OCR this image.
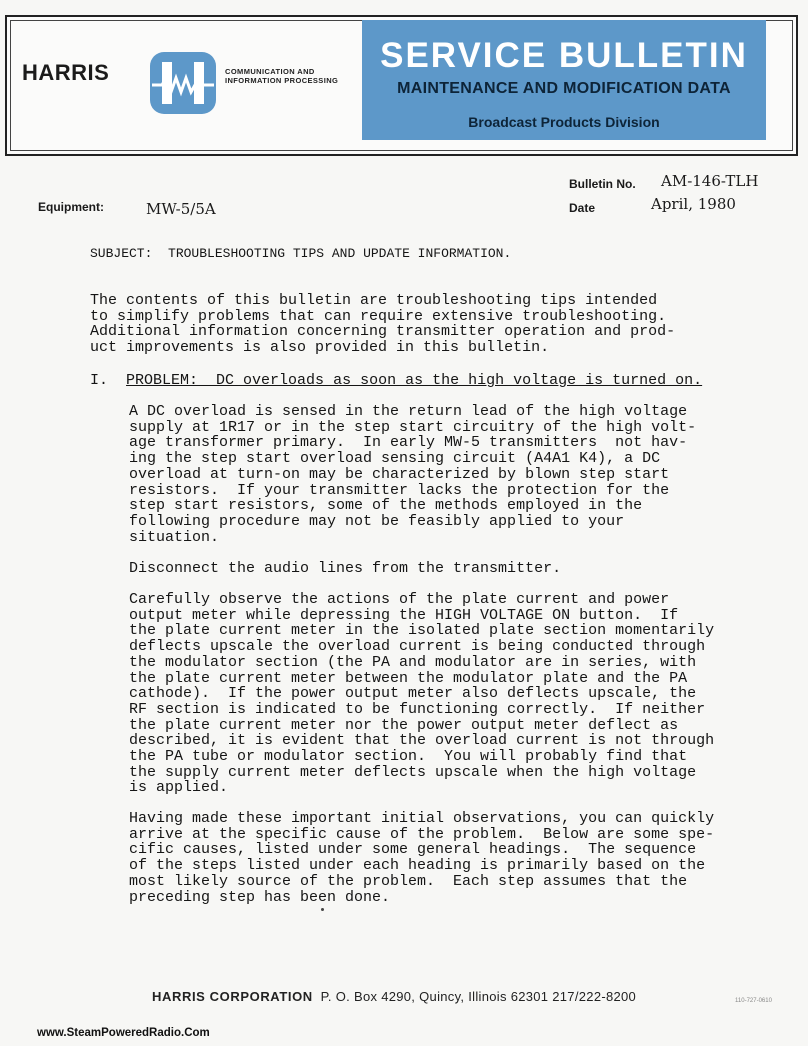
HARRIS	COMMUNICATION AND
INFORMATION PROCESSING
SERVICE BULLETIN
MAINTENANCE AND MODIFICATION DATA
Broadcast Products Division
Bulletin No. AM-146-TLH
Equipment:	MW-5/5A	Date	April, 1980
SUBJECT: TROUBLESHOOTING TIPS AND UPDATE INFORMATION.
The contents of this bulletin are troubleshooting tips intended
to simplify problems that can require extensive troubleshooting.
Additional information concerning transmitter operation and prod-
uct improvements is also provided in this bulletin.
I. PROBLEM:  DC overloads as soon as the high voltage is turned on.
A DC overload is sensed in the return lead of the high voltage
supply at 1R17 or in the step start circuitry of the high volt-
age transformer primary.  In early MW-5 transmitters  not hav-
ing the step start overload sensing circuit (A4A1 K4), a DC
overload at turn-on may be characterized by blown step start
resistors.  If your transmitter lacks the protection for the
step start resistors, some of the methods employed in the
following procedure may not be feasibly applied to your
situation.
Disconnect the audio lines from the transmitter.
Carefully observe the actions of the plate current and power
output meter while depressing the HIGH VOLTAGE ON button.  If
the plate current meter in the isolated plate section momentarily
deflects upscale the overload current is being conducted through
the modulator section (the PA and modulator are in series, with
the plate current meter between the modulator plate and the PA
cathode).  If the power output meter also deflects upscale, the
RF section is indicated to be functioning correctly.  If neither
the plate current meter nor the power output meter deflect as
described, it is evident that the overload current is not through
the PA tube or modulator section.  You will probably find that
the supply current meter deflects upscale when the high voltage
is applied.
Having made these important initial observations, you can quickly
arrive at the specific cause of the problem.  Below are some spe-
cific causes, listed under some general headings.  The sequence
of the steps listed under each heading is primarily based on the
most likely source of the problem.  Each step assumes that the
preceding step has been done.
HARRIS CORPORATION P. O. Box 4290, Quincy, Illinois 62301 217/222-8200	110-727-0610
www.SteamPoweredRadio.Com
